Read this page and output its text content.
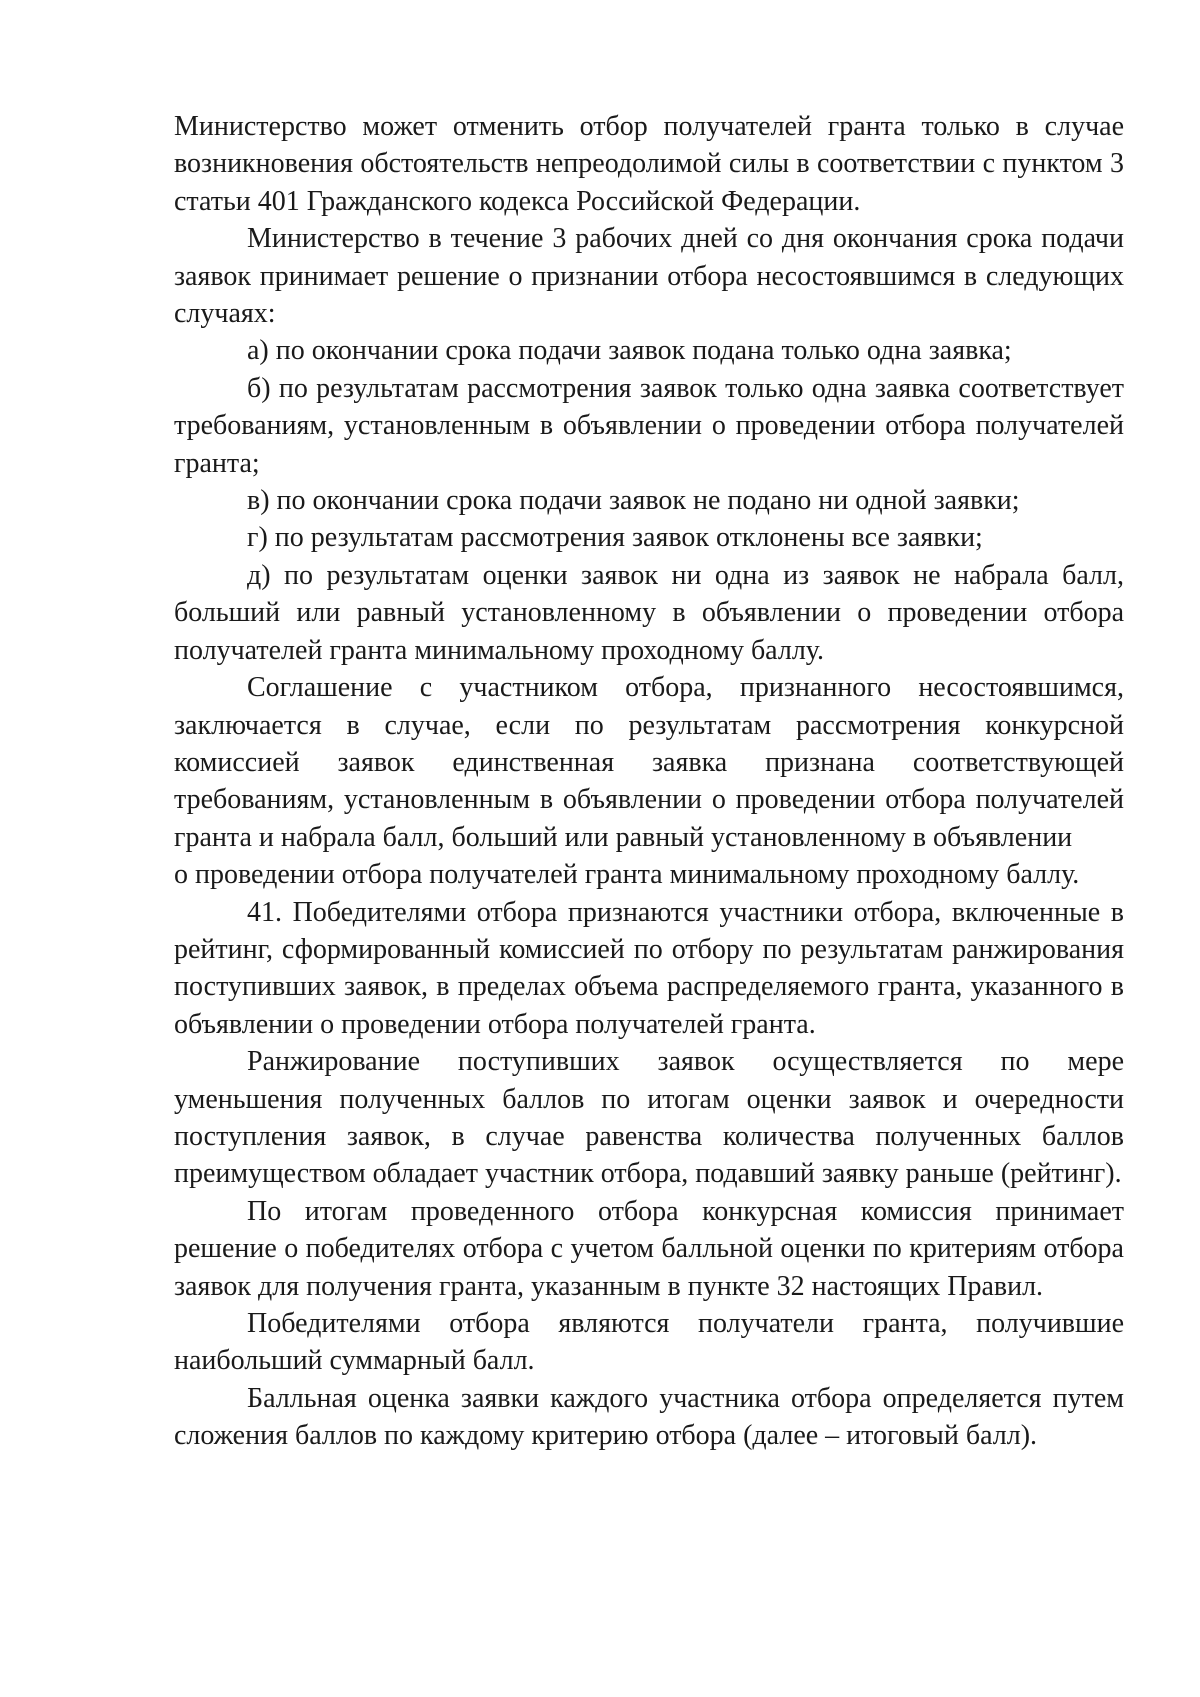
Министерство может отменить отбор получателей гранта только в случае возникновения обстоятельств непреодолимой силы в соответствии с пунктом 3 статьи 401 Гражданского кодекса Российской Федерации.

Министерство в течение 3 рабочих дней со дня окончания срока подачи заявок принимает решение о признании отбора несостоявшимся в следующих случаях:

а) по окончании срока подачи заявок подана только одна заявка;

б) по результатам рассмотрения заявок только одна заявка соответствует требованиям, установленным в объявлении о проведении отбора получателей гранта;

в) по окончании срока подачи заявок не подано ни одной заявки;

г) по результатам рассмотрения заявок отклонены все заявки;

д) по результатам оценки заявок ни одна из заявок не набрала балл, больший или равный установленному в объявлении о проведении отбора получателей гранта минимальному проходному баллу.

Соглашение с участником отбора, признанного несостоявшимся, заключается в случае, если по результатам рассмотрения конкурсной комиссией заявок единственная заявка признана соответствующей требованиям, установленным в объявлении о проведении отбора получателей гранта и набрала балл, больший или равный установленному в объявлении

о проведении отбора получателей гранта минимальному проходному баллу.

41. Победителями отбора признаются участники отбора, включенные в рейтинг, сформированный комиссией по отбору по результатам ранжирования поступивших заявок, в пределах объема распределяемого гранта, указанного в объявлении о проведении отбора получателей гранта.

Ранжирование поступивших заявок осуществляется по мере уменьшения полученных баллов по итогам оценки заявок и очередности поступления заявок, в случае равенства количества полученных баллов преимуществом обладает участник отбора, подавший заявку раньше (рейтинг).

По итогам проведенного отбора конкурсная комиссия принимает решение о победителях отбора с учетом балльной оценки по критериям отбора заявок для получения гранта, указанным в пункте 32 настоящих Правил.

Победителями отбора являются получатели гранта, получившие наибольший суммарный балл.

Балльная оценка заявки каждого участника отбора определяется путем сложения баллов по каждому критерию отбора (далее – итоговый балл).
